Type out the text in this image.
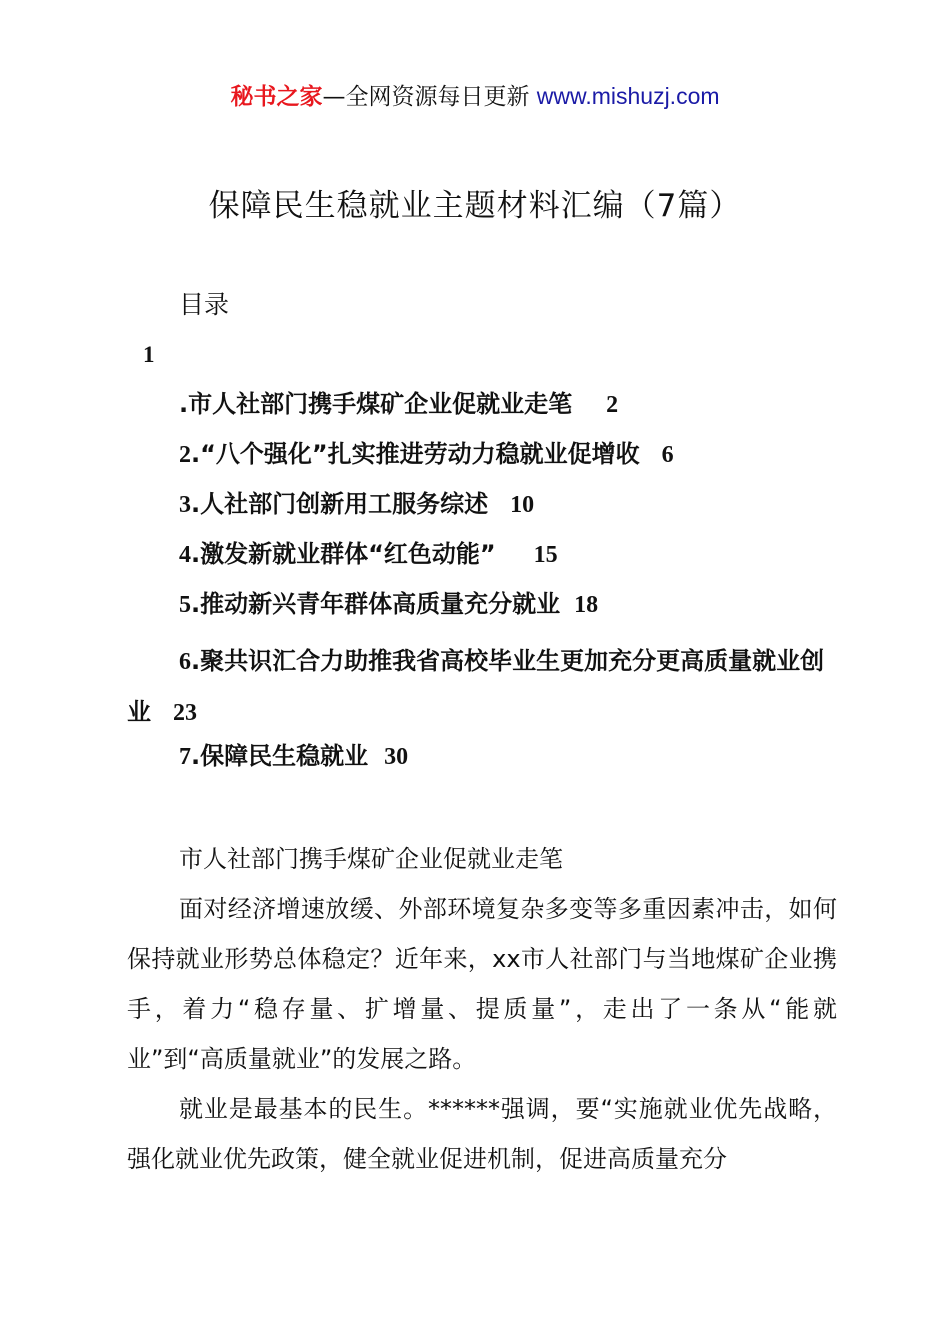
秘书之家—全网资源每日更新 www.mishuzj.com
保障民生稳就业主题材料汇编（7篇）
目录
1
.市人社部门携手煤矿企业促就业走笔 2
2.“八个强化”扎实推进劳动力稳就业促增收 6
3.人社部门创新用工服务综述 10
4.激发新就业群体“红色动能” 15
5.推动新兴青年群体高质量充分就业 18
6.聚共识汇合力助推我省高校毕业生更加充分更高质量就业创业 23
7.保障民生稳就业 30

市人社部门携手煤矿企业促就业走笔

面对经济增速放缓、外部环境复杂多变等多重因素冲击，如何保持就业形势总体稳定？近年来，xx市人社部门与当地煤矿企业携手，着力“稳存量、扩增量、提质量”，走出了一条从“能就业”到“高质量就业”的发展之路。

就业是最基本的民生。******强调，要“实施就业优先战略，强化就业优先政策，健全就业促进机制，促进高质量充分
